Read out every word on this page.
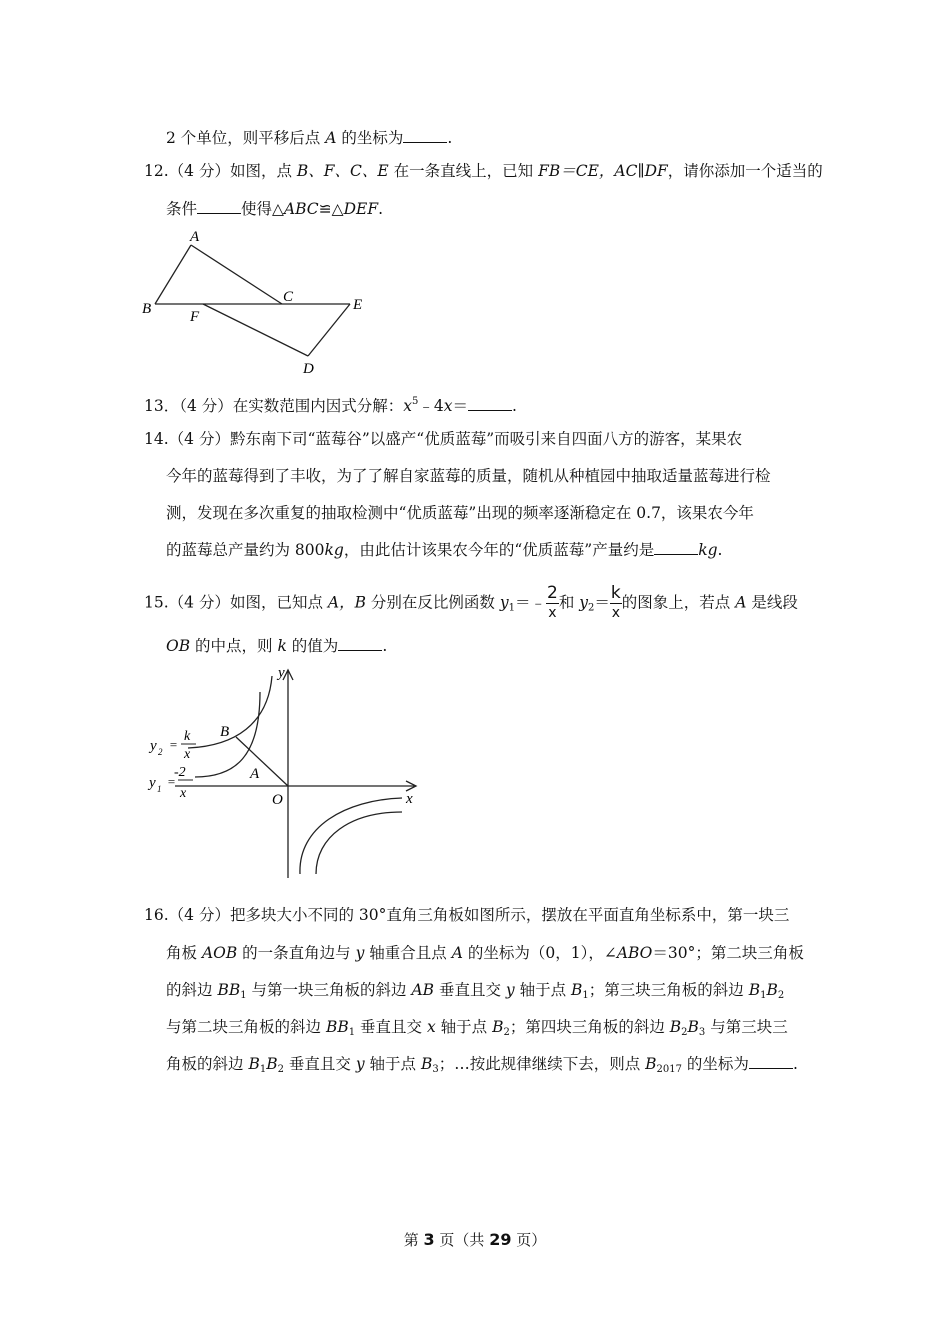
2 个单位，则平移后点 A 的坐标为	.
12.（4 分）如图，点 B、F、C、E 在一条直线上，已知 FB＝CE，AC∥DF，请你添加一个适当的
条件	使得△ABC≌△DEF.
A
B
C	E
F
D
13．（4 分）在实数范围内因式分解：$x^5﹣4x=$	.
14.（4 分）黔东南下司“蓝莓谷”以盛产“优质蓝莓”而吸引来自四面八方的游客，某果农
今年的蓝莓得到了丰收，为了了解自家蓝莓的质量，随机从种植园中抽取适量蓝莓进行检
测，发现在多次重复的抽取检测中“优质蓝莓”出现的频率逐渐稳定在 0.7，该果农今年
的蓝莓总产量约为 800kg，由此估计该果农今年的“优质蓝莓”产量约是	kg.
15.（4 分）如图，已知点 A，B 分别在反比例函数 $y_1=﹣ \frac{2}{x}$ 和 $y_2= \frac{k}{x}$ 的图象上，若点 A 是线段
OB 的中点，则 k 的值为	.
y
x
O
A
B
y 2 =
k
x
y 1 =
-2
x
16.（4 分）把多块大小不同的 30°直角三角板如图所示，摆放在平面直角坐标系中，第一块三
角板 AOB 的一条直角边与 y 轴重合且点 A 的坐标为（0，1），∠ABO＝30°；第二块三角板
的斜边 $BB_1$ 与第一块三角板的斜边 AB 垂直且交 y 轴于点 $B_1$；第三块三角板的斜边 $B_1B_2$
与第二块三角板的斜边 $BB_1$ 垂直且交 x 轴于点 $B_2$；第四块三角板的斜边 $B_2B_3$ 与第三块三
角板的斜边 $B_1B_2$ 垂直且交 y 轴于点 $B_3$；…按此规律继续下去，则点 $B_{2017}$ 的坐标为	.
第 3 页（共 29 页）
